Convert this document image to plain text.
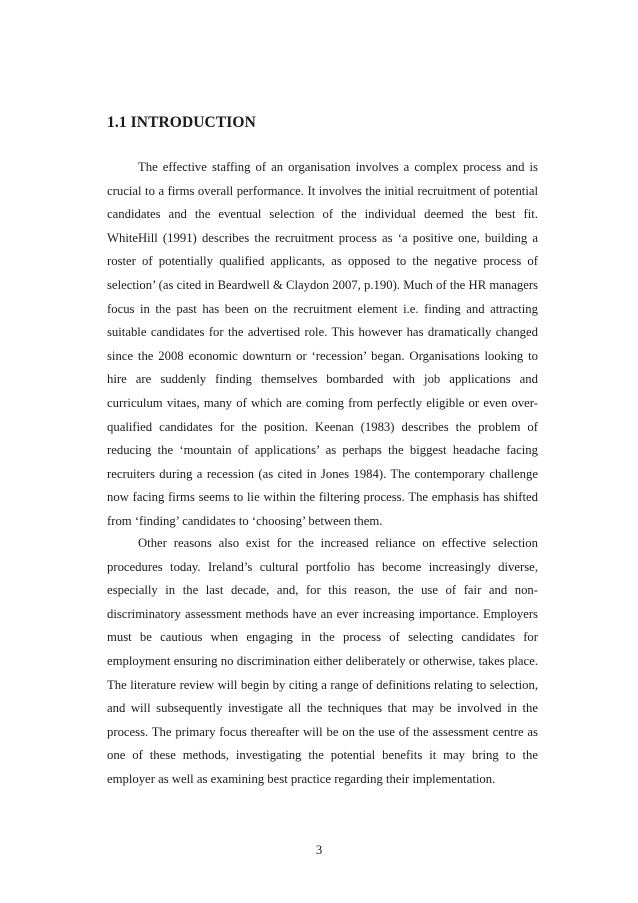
1.1 INTRODUCTION

The effective staffing of an organisation involves a complex process and is crucial to a firms overall performance. It involves the initial recruitment of potential candidates and the eventual selection of the individual deemed the best fit. WhiteHill (1991) describes the recruitment process as ‘a positive one, building a roster of potentially qualified applicants, as opposed to the negative process of selection’ (as cited in Beardwell & Claydon 2007, p.190). Much of the HR managers focus in the past has been on the recruitment element i.e. finding and attracting suitable candidates for the advertised role. This however has dramatically changed since the 2008 economic downturn or ‘recession’ began. Organisations looking to hire are suddenly finding themselves bombarded with job applications and curriculum vitaes, many of which are coming from perfectly eligible or even over-qualified candidates for the position. Keenan (1983) describes the problem of reducing the ‘mountain of applications’ as perhaps the biggest headache facing recruiters during a recession (as cited in Jones 1984). The contemporary challenge now facing firms seems to lie within the filtering process. The emphasis has shifted from ‘finding’ candidates to ‘choosing’ between them.

Other reasons also exist for the increased reliance on effective selection procedures today. Ireland’s cultural portfolio has become increasingly diverse, especially in the last decade, and, for this reason, the use of fair and non-discriminatory assessment methods have an ever increasing importance. Employers must be cautious when engaging in the process of selecting candidates for employment ensuring no discrimination either deliberately or otherwise, takes place. The literature review will begin by citing a range of definitions relating to selection, and will subsequently investigate all the techniques that may be involved in the process. The primary focus thereafter will be on the use of the assessment centre as one of these methods, investigating the potential benefits it may bring to the employer as well as examining best practice regarding their implementation.

3
